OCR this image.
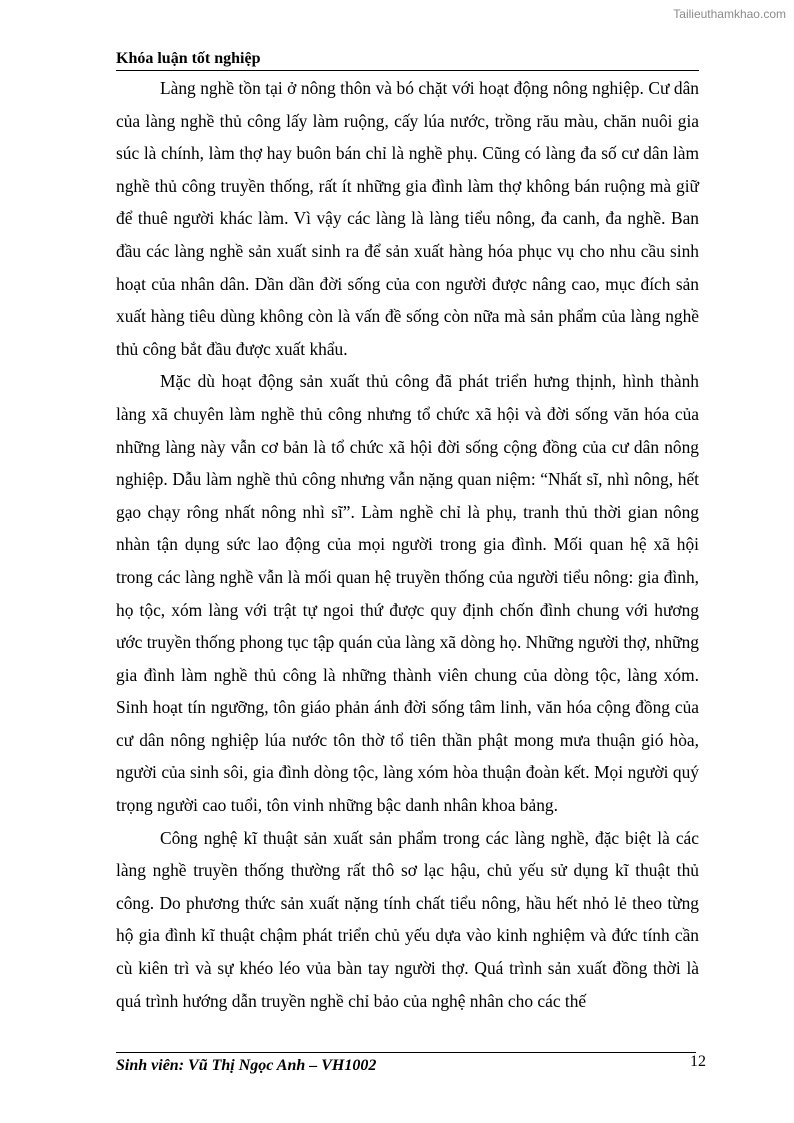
Tailieuthamkhao.com
Khóa luận tốt nghiệp

Làng nghề tồn tại ở nông thôn và bó chặt với hoạt động nông nghiệp. Cư dân của làng nghề thủ công lấy làm ruộng, cấy lúa nước, trồng rău màu, chăn nuôi gia súc là chính, làm thợ hay buôn bán chỉ là nghề phụ. Cũng có làng đa số cư dân làm nghề thủ công truyền thống, rất ít những gia đình làm thợ không bán ruộng mà giữ để thuê người khác làm. Vì vậy các làng là làng tiểu nông, đa canh, đa nghề. Ban đầu các làng nghề sản xuất sinh ra để sản xuất hàng hóa phục vụ cho nhu cầu sinh hoạt của nhân dân. Dần dần đời sống của con người được nâng cao, mục đích sản xuất hàng tiêu dùng không còn là vấn đề sống còn nữa mà sản phẩm của làng nghề thủ công bắt đầu được xuất khẩu.

Mặc dù hoạt động sản xuất thủ công đã phát triển hưng thịnh, hình thành làng xã chuyên làm nghề thủ công nhưng tổ chức xã hội và đời sống văn hóa của những làng này vẫn cơ bản là tổ chức xã hội đời sống cộng đồng của cư dân nông nghiệp. Dẫu làm nghề thủ công nhưng vẫn nặng quan niệm: “Nhất sĩ, nhì nông, hết gạo chạy rông nhất nông nhì sĩ”. Làm nghề chỉ là phụ, tranh thủ thời gian nông nhàn tận dụng sức lao động của mọi người trong gia đình. Mối quan hệ xã hội trong các làng nghề vẫn là mối quan hệ truyền thống của người tiểu nông: gia đình, họ tộc, xóm làng với trật tự ngoi thứ được quy định chốn đình chung với hương ước truyền thống phong tục tập quán của làng xã dòng họ. Những người thợ, những gia đình làm nghề thủ công là những thành viên chung của dòng tộc, làng xóm. Sinh hoạt tín ngưỡng, tôn giáo phản ánh đời sống tâm linh, văn hóa cộng đồng của cư dân nông nghiệp lúa nước tôn thờ tổ tiên thần phật mong mưa thuận gió hòa, người của sinh sôi, gia đình dòng tộc, làng xóm hòa thuận đoàn kết. Mọi người quý trọng người cao tuổi, tôn vinh những bậc danh nhân khoa bảng.

Công nghệ kĩ thuật sản xuất sản phẩm trong các làng nghề, đặc biệt là các làng nghề truyền thống thường rất thô sơ lạc hậu, chủ yếu sử dụng kĩ thuật thủ công. Do phương thức sản xuất nặng tính chất tiểu nông, hầu hết nhỏ lẻ theo từng hộ gia đình kĩ thuật chậm phát triển chủ yếu dựa vào kinh nghiệm và đức tính cần cù kiên trì và sự khéo léo vủa bàn tay người thợ. Quá trình sản xuất đồng thời là quá trình hướng dẫn truyền nghề chỉ bảo của nghệ nhân cho các thế

Sinh viên: Vũ Thị Ngọc Anh – VH1002	12
